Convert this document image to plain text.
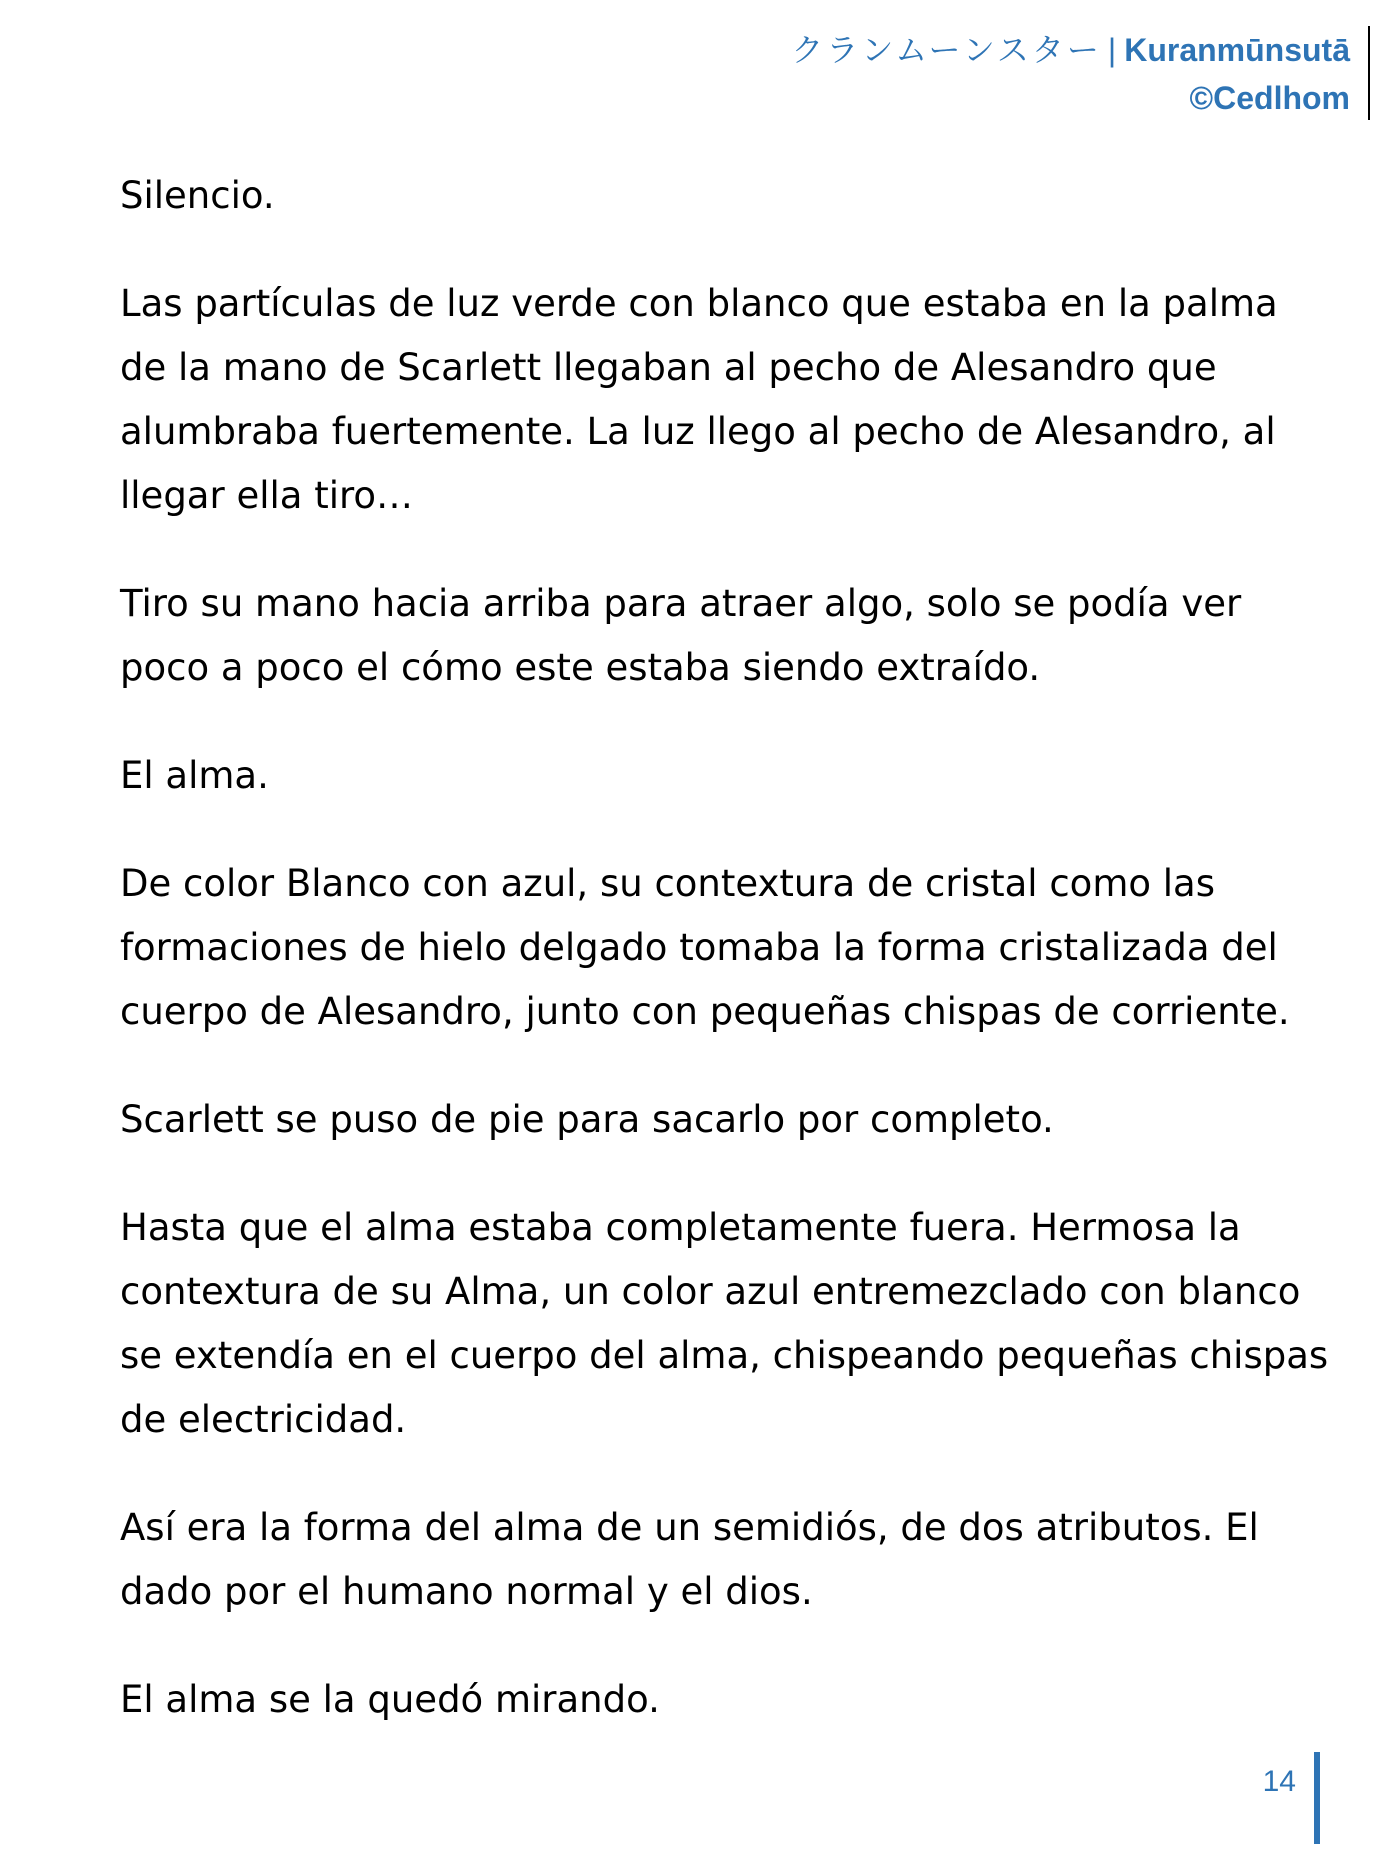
クランムーンスター | Kuranmūnsutā
©Cedlhom

Silencio.

Las partículas de luz verde con blanco que estaba en la palma
de la mano de Scarlett llegaban al pecho de Alesandro que
alumbraba fuertemente. La luz llego al pecho de Alesandro, al
llegar ella tiro…

Tiro su mano hacia arriba para atraer algo, solo se podía ver
poco a poco el cómo este estaba siendo extraído.

El alma.

De color Blanco con azul, su contextura de cristal como las
formaciones de hielo delgado tomaba la forma cristalizada del
cuerpo de Alesandro, junto con pequeñas chispas de corriente.

Scarlett se puso de pie para sacarlo por completo.

Hasta que el alma estaba completamente fuera. Hermosa la
contextura de su Alma, un color azul entremezclado con blanco
se extendía en el cuerpo del alma, chispeando pequeñas chispas
de electricidad.

Así era la forma del alma de un semidiós, de dos atributos. El
dado por el humano normal y el dios.

El alma se la quedó mirando.

14
